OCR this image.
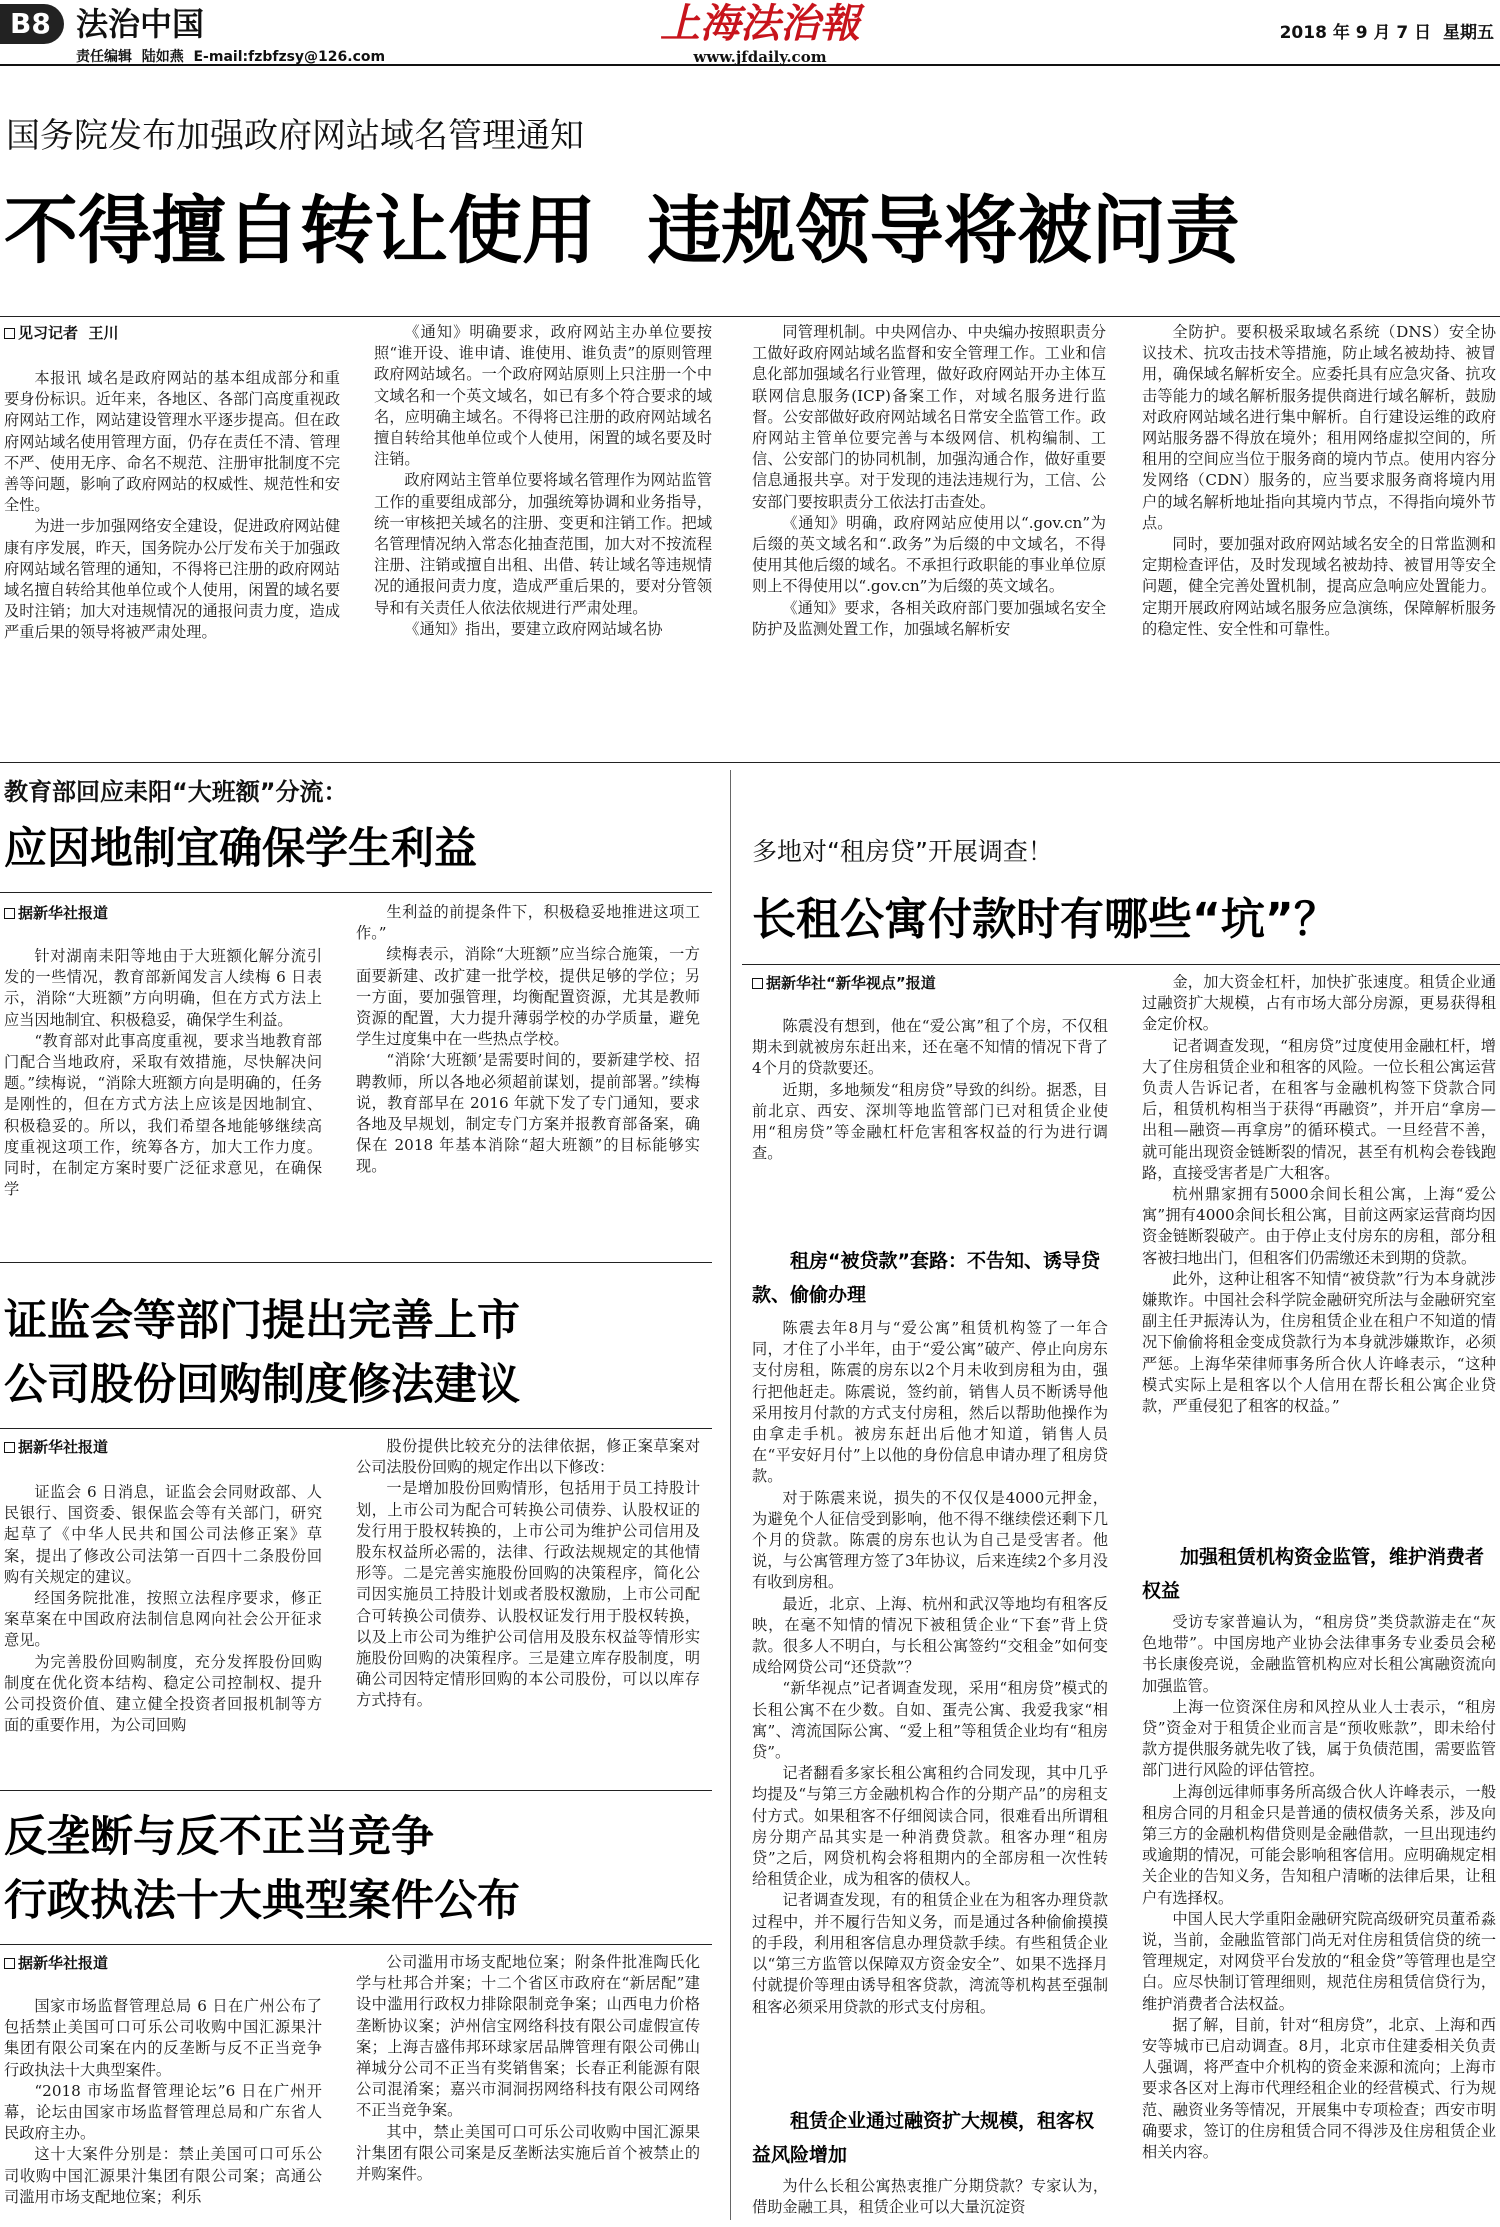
B8 法治中国
责任编辑  陆如燕  E-mail:fzbfzsy@126.com
上海法治報
www.jfdaily.com
2018 年 9 月 7 日  星期五
国务院发布加强政府网站域名管理通知
不得擅自转让使用  违规领导将被问责
见习记者  王川

本报讯 域名是政府网站的基本组成部分和重要身份标识。近年来，各地区、各部门高度重视政府网站工作，网站建设管理水平逐步提高。但在政府网站域名使用管理方面，仍存在责任不清、管理不严、使用无序、命名不规范、注册审批制度不完善等问题，影响了政府网站的权威性、规范性和安全性。

为进一步加强网络安全建设，促进政府网站健康有序发展，昨天，国务院办公厅发布关于加强政府网站域名管理的通知，不得将已注册的政府网站域名擅自转给其他单位或个人使用，闲置的域名要及时注销；加大对违规情况的通报问责力度，造成严重后果的领导将被严肃处理。

《通知》明确要求，政府网站主办单位要按照“谁开设、谁申请、谁使用、谁负责”的原则管理政府网站域名。一个政府网站原则上只注册一个中文域名和一个英文域名，如已有多个符合要求的域名，应明确主域名。不得将已注册的政府网站域名擅自转给其他单位或个人使用，闲置的域名要及时注销。

政府网站主管单位要将域名管理作为网站监管工作的重要组成部分，加强统筹协调和业务指导，统一审核把关域名的注册、变更和注销工作。把域名管理情况纳入常态化抽查范围，加大对不按流程注册、注销或擅自出租、出借、转让域名等违规情况的通报问责力度，造成严重后果的，要对分管领导和有关责任人依法依规进行严肃处理。

《通知》指出，要建立政府网站域名协

同管理机制。中央网信办、中央编办按照职责分工做好政府网站域名监督和安全管理工作。工业和信息化部加强域名行业管理，做好政府网站开办主体互联网信息服务(ICP)备案工作，对域名服务进行监督。公安部做好政府网站域名日常安全监管工作。政府网站主管单位要完善与本级网信、机构编制、工信、公安部门的协同机制，加强沟通合作，做好重要信息通报共享。对于发现的违法违规行为，工信、公安部门要按职责分工依法打击查处。

《通知》明确，政府网站应使用以“.gov.cn”为后缀的英文域名和“.政务”为后缀的中文域名，不得使用其他后缀的域名。不承担行政职能的事业单位原则上不得使用以“.gov.cn”为后缀的英文域名。

《通知》要求，各相关政府部门要加强域名安全防护及监测处置工作，加强域名解析安

全防护。要积极采取域名系统（DNS）安全协议技术、抗攻击技术等措施，防止域名被劫持、被冒用，确保域名解析安全。应委托具有应急灾备、抗攻击等能力的域名解析服务提供商进行域名解析，鼓励对政府网站域名进行集中解析。自行建设运维的政府网站服务器不得放在境外；租用网络虚拟空间的，所租用的空间应当位于服务商的境内节点。使用内容分发网络（CDN）服务的，应当要求服务商将境内用户的域名解析地址指向其境内节点，不得指向境外节点。

同时，要加强对政府网站域名安全的日常监测和定期检查评估，及时发现域名被劫持、被冒用等安全问题，健全完善处置机制，提高应急响应处置能力。定期开展政府网站域名服务应急演练，保障解析服务的稳定性、安全性和可靠性。

教育部回应耒阳“大班额”分流：
应因地制宜确保学生利益
据新华社报道

针对湖南耒阳等地由于大班额化解分流引发的一些情况，教育部新闻发言人续梅 6 日表示，消除“大班额”方向明确，但在方式方法上应当因地制宜、积极稳妥，确保学生利益。

“教育部对此事高度重视，要求当地教育部门配合当地政府，采取有效措施，尽快解决问题。”续梅说，“消除大班额方向是明确的，任务是刚性的，但在方式方法上应该是因地制宜、积极稳妥的。所以，我们希望各地能够继续高度重视这项工作，统筹各方，加大工作力度。同时，在制定方案时要广泛征求意见，在确保学

生利益的前提条件下，积极稳妥地推进这项工作。”

续梅表示，消除“大班额”应当综合施策，一方面要新建、改扩建一批学校，提供足够的学位；另一方面，要加强管理，均衡配置资源，尤其是教师资源的配置，大力提升薄弱学校的办学质量，避免学生过度集中在一些热点学校。

“消除‘大班额’是需要时间的，要新建学校、招聘教师，所以各地必须超前谋划，提前部署。”续梅说，教育部早在 2016 年就下发了专门通知，要求各地及早规划，制定专门方案并报教育部备案，确保在 2018 年基本消除“超大班额”的目标能够实现。

证监会等部门提出完善上市
公司股份回购制度修法建议
据新华社报道

证监会 6 日消息，证监会会同财政部、人民银行、国资委、银保监会等有关部门，研究起草了《中华人民共和国公司法修正案》草案，提出了修改公司法第一百四十二条股份回购有关规定的建议。

经国务院批准，按照立法程序要求，修正案草案在中国政府法制信息网向社会公开征求意见。

为完善股份回购制度，充分发挥股份回购制度在优化资本结构、稳定公司控制权、提升公司投资价值、建立健全投资者回报机制等方面的重要作用，为公司回购

股份提供比较充分的法律依据，修正案草案对公司法股份回购的规定作出以下修改：

一是增加股份回购情形，包括用于员工持股计划，上市公司为配合可转换公司债券、认股权证的发行用于股权转换的，上市公司为维护公司信用及股东权益所必需的，法律、行政法规规定的其他情形等。二是完善实施股份回购的决策程序，简化公司因实施员工持股计划或者股权激励，上市公司配合可转换公司债券、认股权证发行用于股权转换，以及上市公司为维护公司信用及股东权益等情形实施股份回购的决策程序。三是建立库存股制度，明确公司因特定情形回购的本公司股份，可以以库存方式持有。

反垄断与反不正当竞争
行政执法十大典型案件公布
据新华社报道

国家市场监督管理总局 6 日在广州公布了包括禁止美国可口可乐公司收购中国汇源果汁集团有限公司案在内的反垄断与反不正当竞争行政执法十大典型案件。

“2018 市场监督管理论坛”6 日在广州开幕，论坛由国家市场监督管理总局和广东省人民政府主办。

这十大案件分别是：禁止美国可口可乐公司收购中国汇源果汁集团有限公司案；高通公司滥用市场支配地位案；利乐

公司滥用市场支配地位案；附条件批准陶氏化学与杜邦合并案；十二个省区市政府在“新居配”建设中滥用行政权力排除限制竞争案；山西电力价格垄断协议案；泸州信宝网络科技有限公司虚假宣传案；上海吉盛伟邦环球家居品牌管理有限公司佛山禅城分公司不正当有奖销售案；长春正利能源有限公司混淆案；嘉兴市洞洞拐网络科技有限公司网络不正当竞争案。

其中，禁止美国可口可乐公司收购中国汇源果汁集团有限公司案是反垄断法实施后首个被禁止的并购案件。

多地对“租房贷”开展调查！
长租公寓付款时有哪些“坑”？
据新华社“新华视点”报道

陈震没有想到，他在“爱公寓”租了个房，不仅租期未到就被房东赶出来，还在毫不知情的情况下背了4个月的贷款要还。

近期，多地频发“租房贷”导致的纠纷。据悉，目前北京、西安、深圳等地监管部门已对租赁企业使用“租房贷”等金融杠杆危害租客权益的行为进行调查。

租房“被贷款”套路：不告知、诱导贷款、偷偷办理

陈震去年8月与“爱公寓”租赁机构签了一年合同，才住了小半年，由于“爱公寓”破产、停止向房东支付房租，陈震的房东以2个月未收到房租为由，强行把他赶走。陈震说，签约前，销售人员不断诱导他采用按月付款的方式支付房租，然后以帮助他操作为由拿走手机。被房东赶出后他才知道，销售人员在“平安好月付”上以他的身份信息申请办理了租房贷款。

对于陈震来说，损失的不仅仅是4000元押金，为避免个人征信受到影响，他不得不继续偿还剩下几个月的贷款。陈震的房东也认为自己是受害者。他说，与公寓管理方签了3年协议，后来连续2个多月没有收到房租。

最近，北京、上海、杭州和武汉等地均有租客反映，在毫不知情的情况下被租赁企业“下套”背上贷款。很多人不明白，与长租公寓签约“交租金”如何变成给网贷公司“还贷款”？

“新华视点”记者调查发现，采用“租房贷”模式的长租公寓不在少数。自如、蛋壳公寓、我爱我家“相寓”、湾流国际公寓、“爱上租”等租赁企业均有“租房贷”。

记者翻看多家长租公寓租约合同发现，其中几乎均提及“与第三方金融机构合作的分期产品”的房租支付方式。如果租客不仔细阅读合同，很难看出所谓租房分期产品其实是一种消费贷款。租客办理“租房贷”之后，网贷机构会将租期内的全部房租一次性转给租赁企业，成为租客的债权人。

记者调查发现，有的租赁企业在为租客办理贷款过程中，并不履行告知义务，而是通过各种偷偷摸摸的手段，利用租客信息办理贷款手续。有些租赁企业以“第三方监管以保障双方资金安全”、如果不选择月付就提价等理由诱导租客贷款，湾流等机构甚至强制租客必须采用贷款的形式支付房租。

租赁企业通过融资扩大规模，租客权益风险增加

为什么长租公寓热衷推广分期贷款？专家认为，借助金融工具，租赁企业可以大量沉淀资

金，加大资金杠杆，加快扩张速度。租赁企业通过融资扩大规模，占有市场大部分房源，更易获得租金定价权。

记者调查发现，“租房贷”过度使用金融杠杆，增大了住房租赁企业和租客的风险。一位长租公寓运营负责人告诉记者，在租客与金融机构签下贷款合同后，租赁机构相当于获得“再融资”，并开启“拿房—出租—融资—再拿房”的循环模式。一旦经营不善，就可能出现资金链断裂的情况，甚至有机构会卷钱跑路，直接受害者是广大租客。

杭州鼎家拥有5000余间长租公寓，上海“爱公寓”拥有4000余间长租公寓，目前这两家运营商均因资金链断裂破产。由于停止支付房东的房租，部分租客被扫地出门，但租客们仍需缴还未到期的贷款。

此外，这种让租客不知情“被贷款”行为本身就涉嫌欺诈。中国社会科学院金融研究所法与金融研究室副主任尹振涛认为，住房租赁企业在租户不知道的情况下偷偷将租金变成贷款行为本身就涉嫌欺诈，必须严惩。上海华荣律师事务所合伙人许峰表示，“这种模式实际上是租客以个人信用在帮长租公寓企业贷款，严重侵犯了租客的权益。”

加强租赁机构资金监管，维护消费者权益

受访专家普遍认为，“租房贷”类贷款游走在“灰色地带”。中国房地产业协会法律事务专业委员会秘书长康俊亮说，金融监管机构应对长租公寓融资流向加强监管。

上海一位资深住房和风控从业人士表示，“租房贷”资金对于租赁企业而言是“预收账款”，即未给付款方提供服务就先收了钱，属于负债范围，需要监管部门进行风险的评估管控。

上海创远律师事务所高级合伙人许峰表示，一般租房合同的月租金只是普通的债权债务关系，涉及向第三方的金融机构借贷则是金融借款，一旦出现违约或逾期的情况，可能会影响租客信用。应明确规定相关企业的告知义务，告知租户清晰的法律后果，让租户有选择权。

中国人民大学重阳金融研究院高级研究员董希淼说，当前，金融监管部门尚无对住房租赁信贷的统一管理规定，对网贷平台发放的“租金贷”等管理也是空白。应尽快制订管理细则，规范住房租赁信贷行为，维护消费者合法权益。

据了解，目前，针对“租房贷”，北京、上海和西安等城市已启动调查。8月，北京市住建委相关负责人强调，将严查中介机构的资金来源和流向；上海市要求各区对上海市代理经租企业的经营模式、行为规范、融资业务等情况，开展集中专项检查；西安市明确要求，签订的住房租赁合同不得涉及住房租赁企业相关内容。
